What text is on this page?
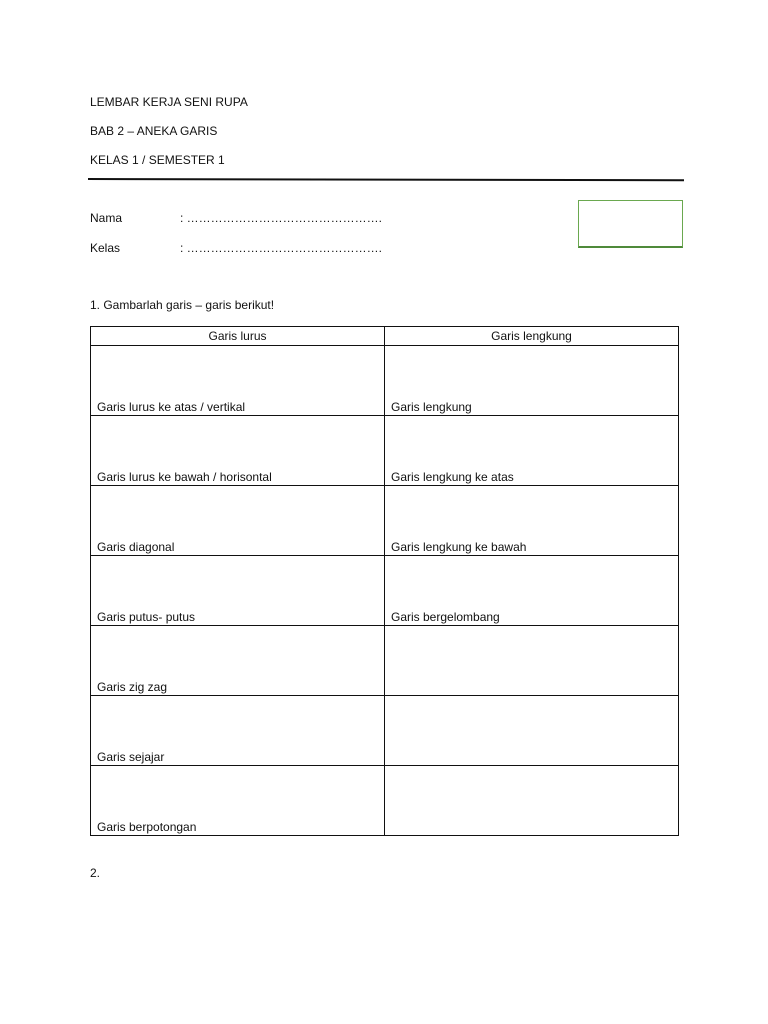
LEMBAR KERJA SENI RUPA
BAB 2 – ANEKA GARIS
KELAS 1 / SEMESTER 1
Nama	: ………………………………………….
Kelas	: ………………………………………….
1. Gambarlah garis – garis berikut!
Garis lurus	Garis lengkung
Garis lurus ke atas / vertikal	Garis lengkung
Garis lurus ke bawah / horisontal	Garis lengkung ke atas
Garis diagonal	Garis lengkung ke bawah
Garis putus- putus	Garis bergelombang
Garis zig zag	
Garis sejajar	
Garis berpotongan	
2.
